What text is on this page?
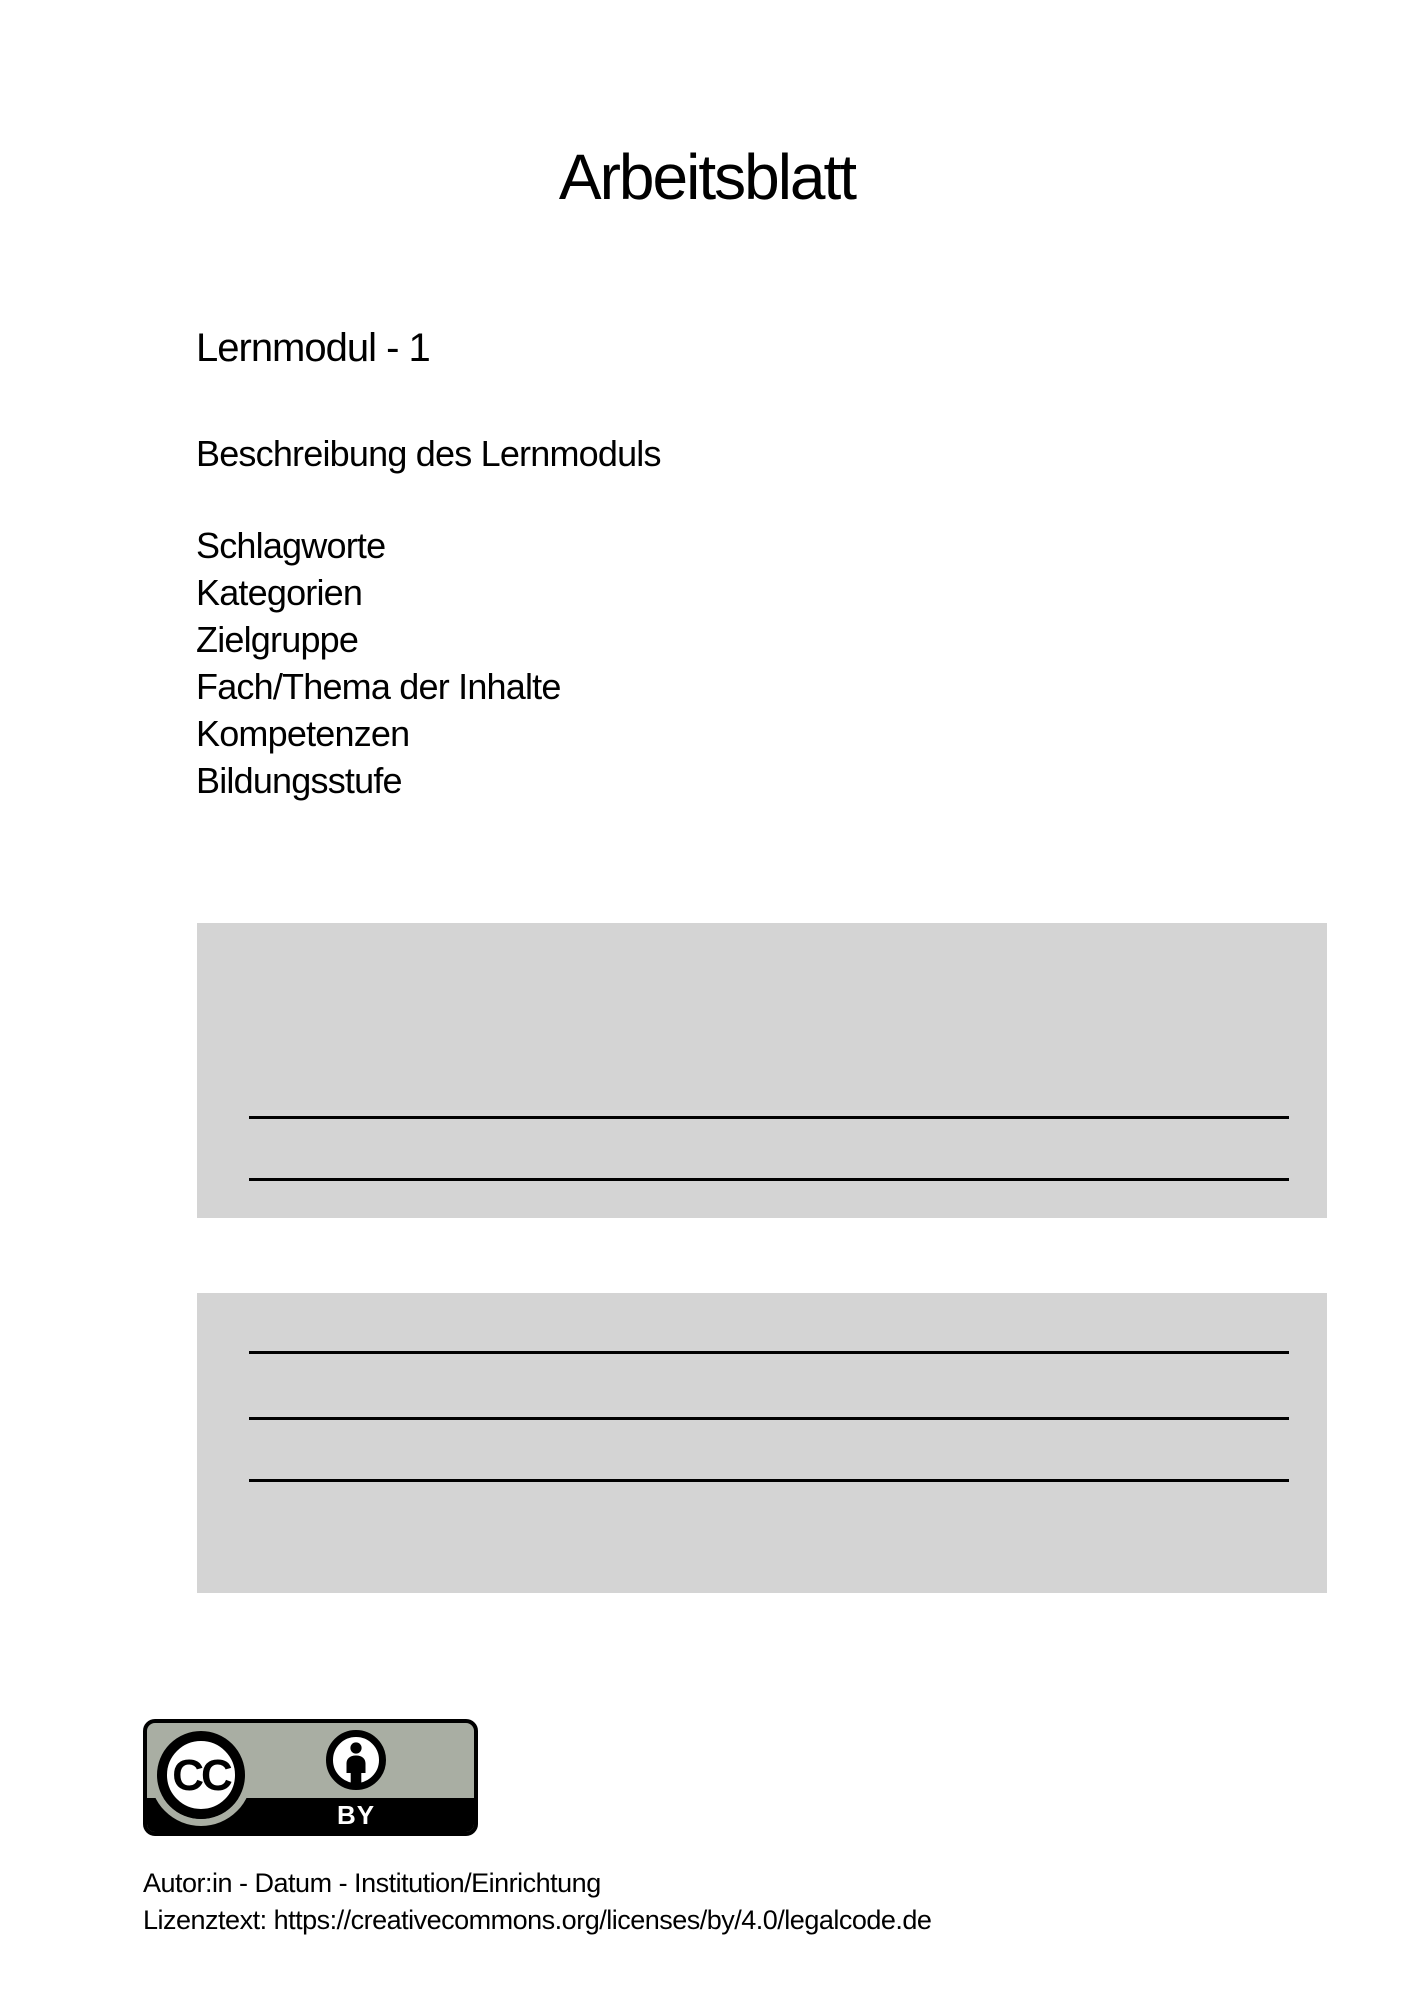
Arbeitsblatt
Lernmodul - 1

Beschreibung des Lernmoduls

Schlagworte
Kategorien
Zielgruppe
Fach/Thema der Inhalte
Kompetenzen
Bildungsstufe
BY
CC

Autor:in - Datum - Institution/Einrichtung

Lizenztext: https://creativecommons.org/licenses/by/4.0/legalcode.de
